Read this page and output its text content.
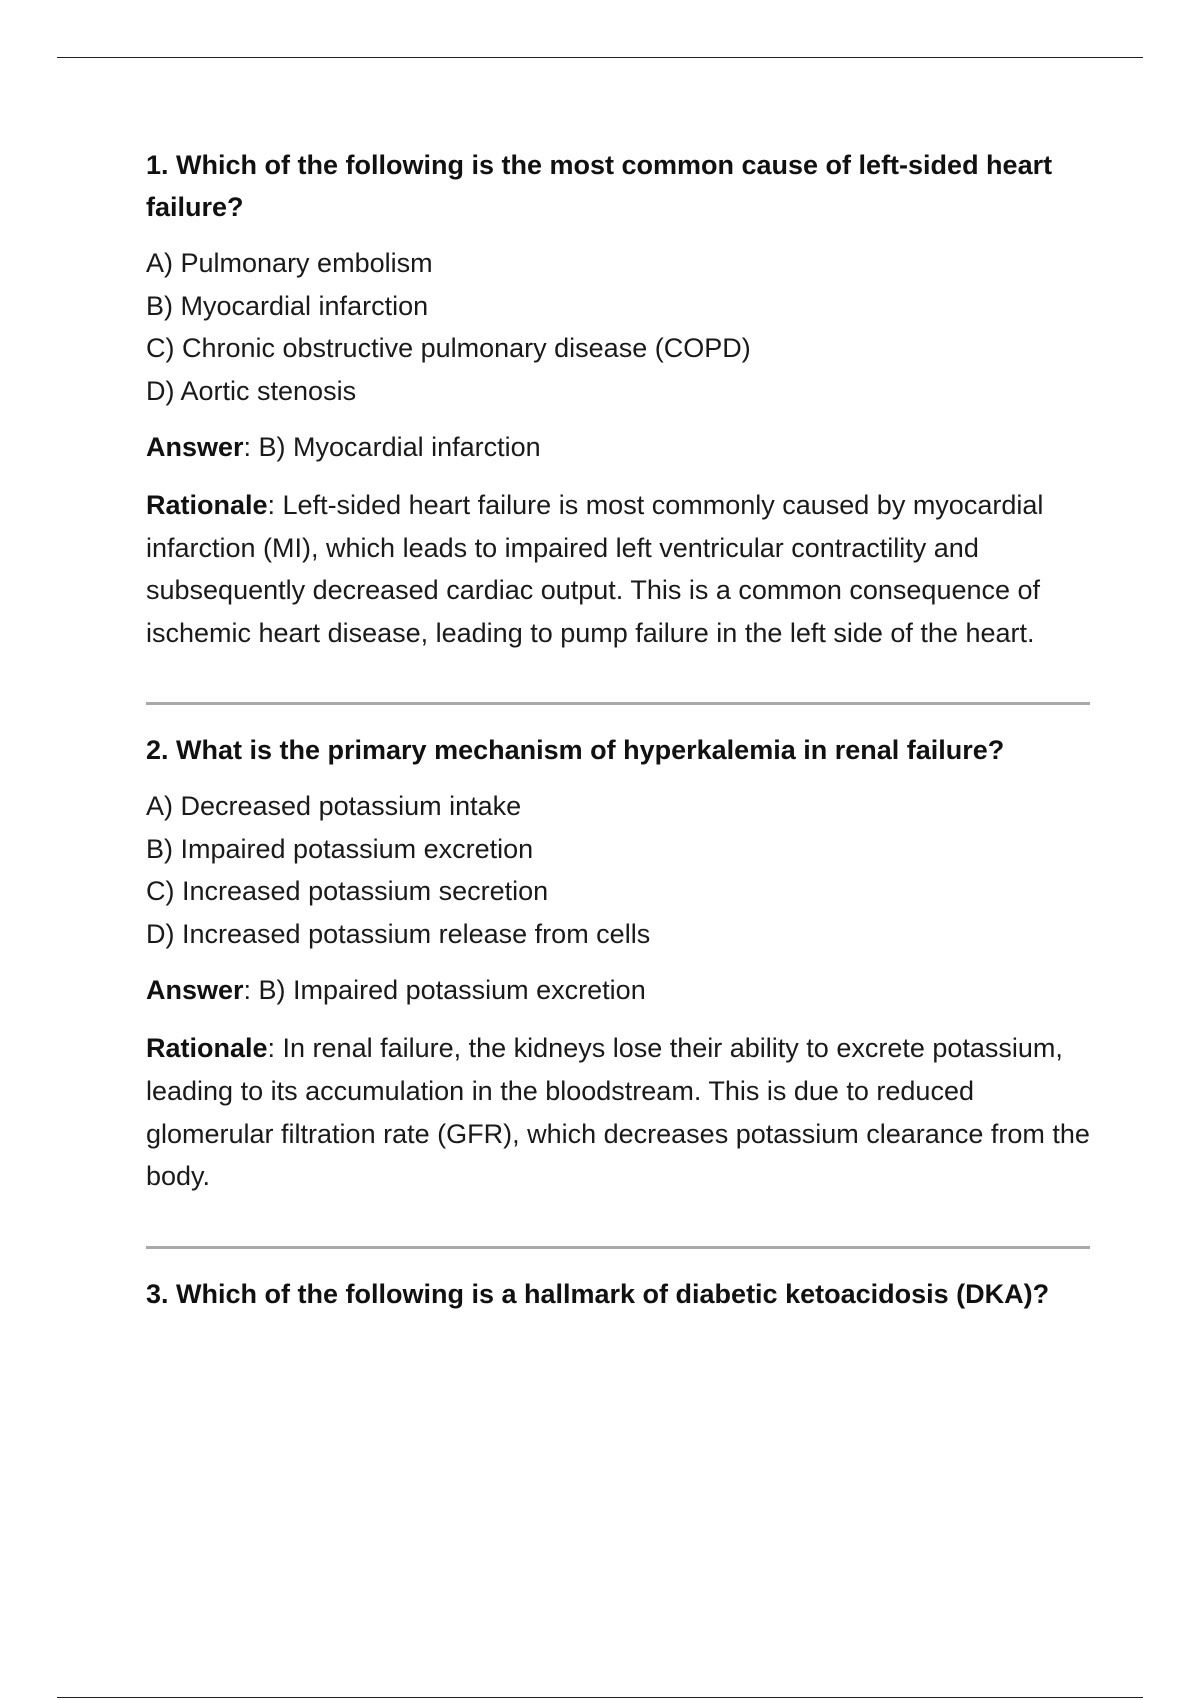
1. Which of the following is the most common cause of left-sided heart failure?
A) Pulmonary embolism
B) Myocardial infarction
C) Chronic obstructive pulmonary disease (COPD)
D) Aortic stenosis

Answer: B) Myocardial infarction

Rationale: Left-sided heart failure is most commonly caused by myocardial infarction (MI), which leads to impaired left ventricular contractility and subsequently decreased cardiac output. This is a common consequence of ischemic heart disease, leading to pump failure in the left side of the heart.

2. What is the primary mechanism of hyperkalemia in renal failure?
A) Decreased potassium intake
B) Impaired potassium excretion
C) Increased potassium secretion
D) Increased potassium release from cells

Answer: B) Impaired potassium excretion

Rationale: In renal failure, the kidneys lose their ability to excrete potassium, leading to its accumulation in the bloodstream. This is due to reduced glomerular filtration rate (GFR), which decreases potassium clearance from the body.

3. Which of the following is a hallmark of diabetic ketoacidosis (DKA)?
